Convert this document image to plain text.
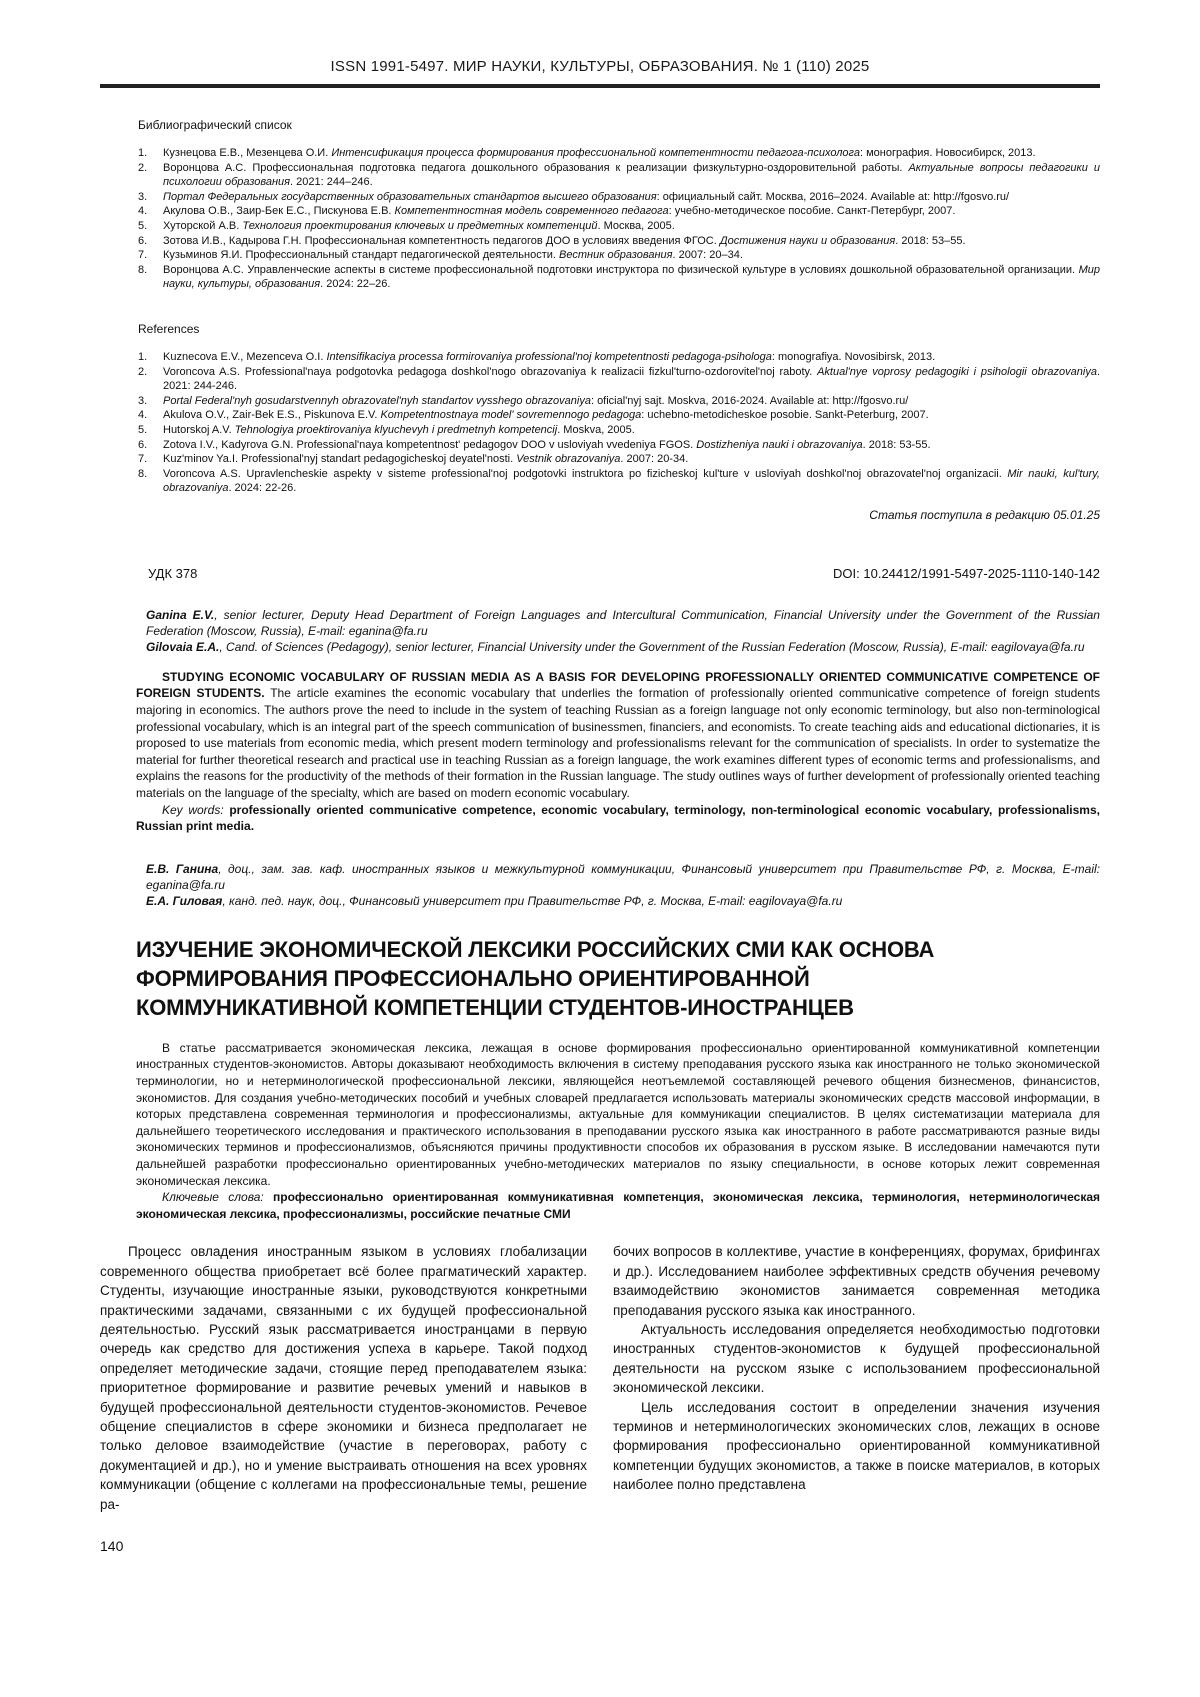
ISSN 1991-5497. МИР НАУКИ, КУЛЬТУРЫ, ОБРАЗОВАНИЯ. № 1 (110) 2025
Библиографический список
1.	Кузнецова Е.В., Мезенцева О.И. Интенсификация процесса формирования профессиональной компетентности педагога-психолога: монография. Новосибирск, 2013.
2.	Воронцова А.С. Профессиональная подготовка педагога дошкольного образования к реализации физкультурно-оздоровительной работы. Актуальные вопросы педагогики и психологии образования. 2021: 244–246.
3.	Портал Федеральных государственных образовательных стандартов высшего образования: официальный сайт. Москва, 2016–2024. Available at: http://fgosvo.ru/
4.	Акулова О.В., Заир-Бек Е.С., Пискунова Е.В. Компетентностная модель современного педагога: учебно-методическое пособие. Санкт-Петербург, 2007.
5.	Хуторской А.В. Технология проектирования ключевых и предметных компетенций. Москва, 2005.
6.	Зотова И.В., Кадырова Г.Н. Профессиональная компетентность педагогов ДОО в условиях введения ФГОС. Достижения науки и образования. 2018: 53–55.
7.	Кузьминов Я.И. Профессиональный стандарт педагогической деятельности. Вестник образования. 2007: 20–34.
8.	Воронцова А.С. Управленческие аспекты в системе профессиональной подготовки инструктора по физической культуре в условиях дошкольной образовательной организации. Мир науки, культуры, образования. 2024: 22–26.
References
1.	Kuznecova E.V., Mezenceva O.I. Intensifikaciya processa formirovaniya professional'noj kompetentnosti pedagoga-psihologa: monografiya. Novosibirsk, 2013.
2.	Voroncova A.S. Professional'naya podgotovka pedagoga doshkol'nogo obrazovaniya k realizacii fizkul'turno-ozdorovitel'noj raboty. Aktual'nye voprosy pedagogiki i psihologii obrazovaniya. 2021: 244-246.
3.	Portal Federal'nyh gosudarstvennyh obrazovatel'nyh standartov vysshego obrazovaniya: oficial'nyj sajt. Moskva, 2016-2024. Available at: http://fgosvo.ru/
4.	Akulova O.V., Zair-Bek E.S., Piskunova E.V. Kompetentnostnaya model' sovremennogo pedagoga: uchebno-metodicheskoe posobie. Sankt-Peterburg, 2007.
5.	Hutorskoj A.V. Tehnologiya proektirovaniya klyuchevyh i predmetnyh kompetencij. Moskva, 2005.
6.	Zotova I.V., Kadyrova G.N. Professional'naya kompetentnost' pedagogov DOO v usloviyah vvedeniya FGOS. Dostizheniya nauki i obrazovaniya. 2018: 53-55.
7.	Kuz'minov Ya.I. Professional'nyj standart pedagogicheskoj deyatel'nosti. Vestnik obrazovaniya. 2007: 20-34.
8.	Voroncova A.S. Upravlencheskie aspekty v sisteme professional'noj podgotovki instruktora po fizicheskoj kul'ture v usloviyah doshkol'noj obrazovatel'noj organizacii. Mir nauki, kul'tury, obrazovaniya. 2024: 22-26.
Статья поступила в редакцию 05.01.25
УДК 378	DOI: 10.24412/1991-5497-2025-1110-140-142

Ganina E.V., senior lecturer, Deputy Head Department of Foreign Languages and Intercultural Communication, Financial University under the Government of the Russian Federation (Moscow, Russia), E-mail: eganina@fa.ru

Gilovaia E.A., Cand. of Sciences (Pedagogy), senior lecturer, Financial University under the Government of the Russian Federation (Moscow, Russia), E-mail: eagilovaya@fa.ru

STUDYING ECONOMIC VOCABULARY OF RUSSIAN MEDIA AS A BASIS FOR DEVELOPING PROFESSIONALLY ORIENTED COMMUNICATIVE COMPETENCE OF FOREIGN STUDENTS. The article examines the economic vocabulary that underlies the formation of professionally oriented communicative competence of foreign students majoring in economics. The authors prove the need to include in the system of teaching Russian as a foreign language not only economic terminology, but also non-terminological professional vocabulary, which is an integral part of the speech communication of businessmen, financiers, and economists. To create teaching aids and educational dictionaries, it is proposed to use materials from economic media, which present modern terminology and professionalisms relevant for the communication of specialists. In order to systematize the material for further theoretical research and practical use in teaching Russian as a foreign language, the work examines different types of economic terms and professionalisms, and explains the reasons for the productivity of the methods of their formation in the Russian language. The study outlines ways of further development of professionally oriented teaching materials on the language of the specialty, which are based on modern economic vocabulary.

Key words: professionally oriented communicative competence, economic vocabulary, terminology, non-terminological economic vocabulary, professionalisms, Russian print media.

Е.В. Ганина, доц., зам. зав. каф. иностранных языков и межкультурной коммуникации, Финансовый университет при Правительстве РФ, г. Москва, E-mail: eganina@fa.ru

Е.А. Гиловая, канд. пед. наук, доц., Финансовый университет при Правительстве РФ, г. Москва, E-mail: eagilovaya@fa.ru

ИЗУЧЕНИЕ ЭКОНОМИЧЕСКОЙ ЛЕКСИКИ РОССИЙСКИХ СМИ КАК ОСНОВА
ФОРМИРОВАНИЯ ПРОФЕССИОНАЛЬНО ОРИЕНТИРОВАННОЙ
КОММУНИКАТИВНОЙ КОМПЕТЕНЦИИ СТУДЕНТОВ-ИНОСТРАНЦЕВ

В статье рассматривается экономическая лексика, лежащая в основе формирования профессионально ориентированной коммуникативной компетенции иностранных студентов-экономистов. Авторы доказывают необходимость включения в систему преподавания русского языка как иностранного не только экономической терминологии, но и нетерминологической профессиональной лексики, являющейся неотъемлемой составляющей речевого общения бизнесменов, финансистов, экономистов. Для создания учебно-методических пособий и учебных словарей предлагается использовать материалы экономических средств массовой информации, в которых представлена современная терминология и профессионализмы, актуальные для коммуникации специалистов. В целях систематизации материала для дальнейшего теоретического исследования и практического использования в преподавании русского языка как иностранного в работе рассматриваются разные виды экономических терминов и профессионализмов, объясняются причины продуктивности способов их образования в русском языке. В исследовании намечаются пути дальнейшей разработки профессионально ориентированных учебно-методических материалов по языку специальности, в основе которых лежит современная экономическая лексика.

Ключевые слова: профессионально ориентированная коммуникативная компетенция, экономическая лексика, терминология, нетерминологическая экономическая лексика, профессионализмы, российские печатные СМИ

Процесс овладения иностранным языком в условиях глобализации современного общества приобретает всё более прагматический характер. Студенты, изучающие иностранные языки, руководствуются конкретными практическими задачами, связанными с их будущей профессиональной деятельностью. Русский язык рассматривается иностранцами в первую очередь как средство для достижения успеха в карьере. Такой подход определяет методические задачи, стоящие перед преподавателем языка: приоритетное формирование и развитие речевых умений и навыков в будущей профессиональной деятельности студентов-экономистов. Речевое общение специалистов в сфере экономики и бизнеса предполагает не только деловое взаимодействие (участие в переговорах, работу с документацией и др.), но и умение выстраивать отношения на всех уровнях коммуникации (общение с коллегами на профессиональные темы, решение ра-

бочих вопросов в коллективе, участие в конференциях, форумах, брифингах и др.). Исследованием наиболее эффективных средств обучения речевому взаимодействию экономистов занимается современная методика преподавания русского языка как иностранного.

Актуальность исследования определяется необходимостью подготовки иностранных студентов-экономистов к будущей профессиональной деятельности на русском языке с использованием профессиональной экономической лексики.

Цель исследования состоит в определении значения изучения терминов и нетерминологических экономических слов, лежащих в основе формирования профессионально ориентированной коммуникативной компетенции будущих экономистов, а также в поиске материалов, в которых наиболее полно представлена

140
